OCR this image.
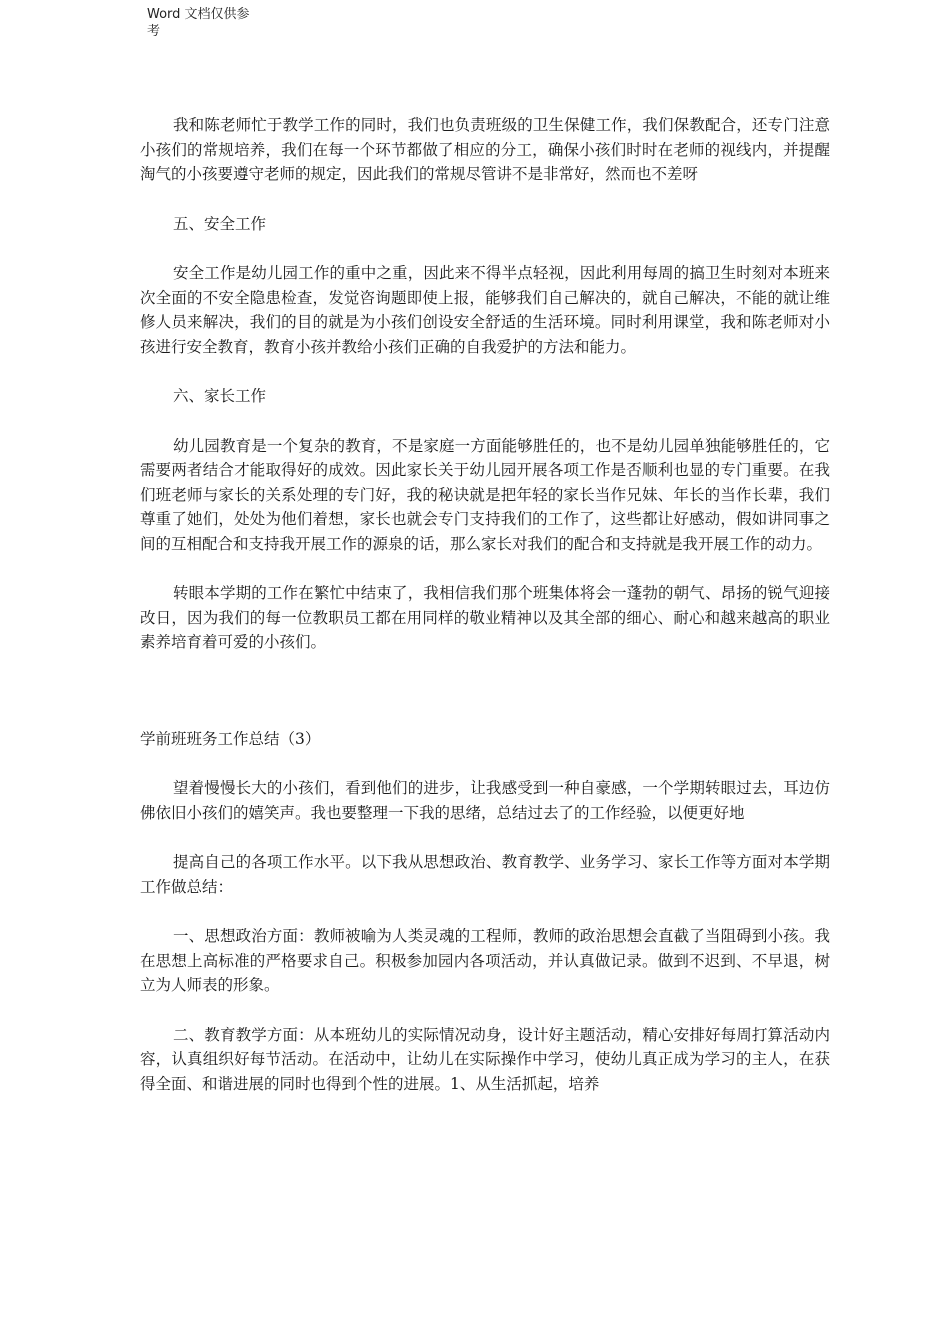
Word 文档仅供参
考

我和陈老师忙于教学工作的同时，我们也负责班级的卫生保健工作，我们保教配合，还专门注意小孩们的常规培养，我们在每一个环节都做了相应的分工，确保小孩们时时在老师的视线内，并提醒淘气的小孩要遵守老师的规定，因此我们的常规尽管讲不是非常好，然而也不差呀

五、安全工作

安全工作是幼儿园工作的重中之重，因此来不得半点轻视，因此利用每周的搞卫生时刻对本班来次全面的不安全隐患检查，发觉咨询题即使上报，能够我们自己解决的，就自己解决，不能的就让维修人员来解决，我们的目的就是为小孩们创设安全舒适的生活环境。同时利用课堂，我和陈老师对小孩进行安全教育，教育小孩并教给小孩们正确的自我爱护的方法和能力。

六、家长工作

幼儿园教育是一个复杂的教育，不是家庭一方面能够胜任的，也不是幼儿园单独能够胜任的，它需要两者结合才能取得好的成效。因此家长关于幼儿园开展各项工作是否顺利也显的专门重要。在我们班老师与家长的关系处理的专门好，我的秘诀就是把年轻的家长当作兄妹、年长的当作长辈，我们尊重了她们，处处为他们着想，家长也就会专门支持我们的工作了，这些都让好感动，假如讲同事之间的互相配合和支持我开展工作的源泉的话，那么家长对我们的配合和支持就是我开展工作的动力。

转眼本学期的工作在繁忙中结束了，我相信我们那个班集体将会一蓬勃的朝气、昂扬的锐气迎接改日，因为我们的每一位教职员工都在用同样的敬业精神以及其全部的细心、耐心和越来越高的职业素养培育着可爱的小孩们。

学前班班务工作总结（3）

望着慢慢长大的小孩们，看到他们的进步，让我感受到一种自豪感，一个学期转眼过去，耳边仿佛依旧小孩们的嬉笑声。我也要整理一下我的思绪，总结过去了的工作经验，以便更好地

提高自己的各项工作水平。以下我从思想政治、教育教学、业务学习、家长工作等方面对本学期工作做总结：

一、思想政治方面：教师被喻为人类灵魂的工程师，教师的政治思想会直截了当阻碍到小孩。我在思想上高标准的严格要求自己。积极参加园内各项活动，并认真做记录。做到不迟到、不早退，树立为人师表的形象。

二、教育教学方面：从本班幼儿的实际情况动身，设计好主题活动，精心安排好每周打算活动内容，认真组织好每节活动。在活动中，让幼儿在实际操作中学习，使幼儿真正成为学习的主人，在获得全面、和谐进展的同时也得到个性的进展。1、从生活抓起，培养
